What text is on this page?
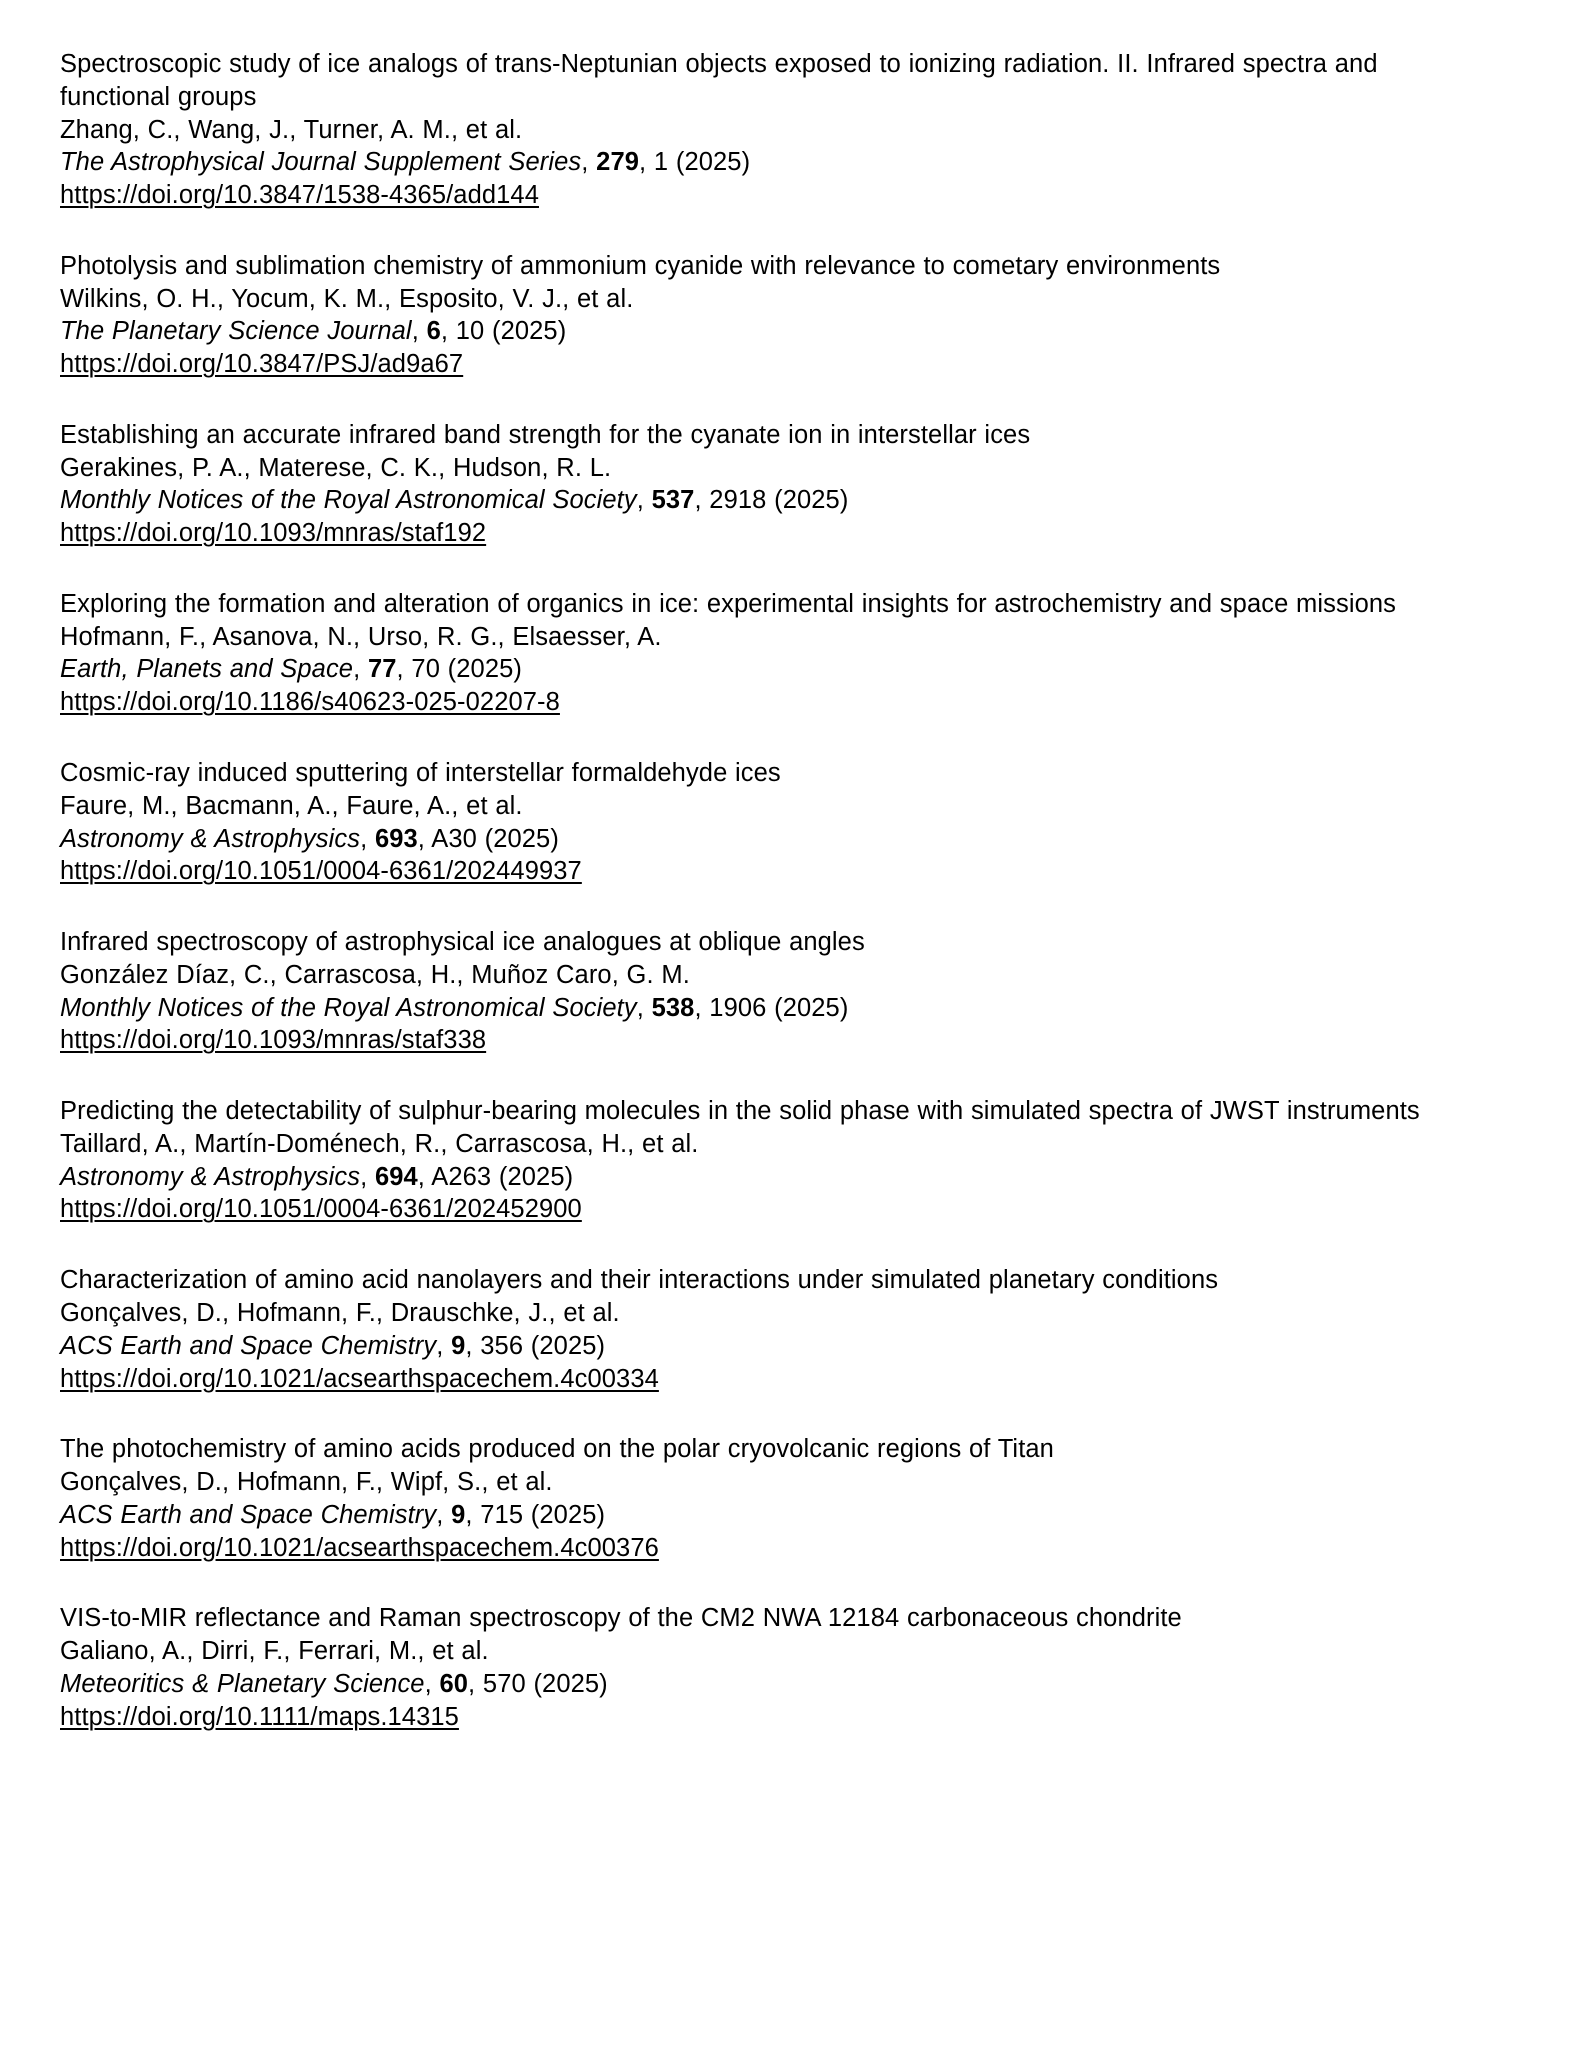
Spectroscopic study of ice analogs of trans-Neptunian objects exposed to ionizing radiation. II. Infrared spectra and functional groups
Zhang, C., Wang, J., Turner, A. M., et al.
The Astrophysical Journal Supplement Series, 279, 1 (2025)
https://doi.org/10.3847/1538-4365/add144
Photolysis and sublimation chemistry of ammonium cyanide with relevance to cometary environments
Wilkins, O. H., Yocum, K. M., Esposito, V. J., et al.
The Planetary Science Journal, 6, 10 (2025)
https://doi.org/10.3847/PSJ/ad9a67
Establishing an accurate infrared band strength for the cyanate ion in interstellar ices
Gerakines, P. A., Materese, C. K., Hudson, R. L.
Monthly Notices of the Royal Astronomical Society, 537, 2918 (2025)
https://doi.org/10.1093/mnras/staf192
Exploring the formation and alteration of organics in ice: experimental insights for astrochemistry and space missions
Hofmann, F., Asanova, N., Urso, R. G., Elsaesser, A.
Earth, Planets and Space, 77, 70 (2025)
https://doi.org/10.1186/s40623-025-02207-8
Cosmic-ray induced sputtering of interstellar formaldehyde ices
Faure, M., Bacmann, A., Faure, A., et al.
Astronomy & Astrophysics, 693, A30 (2025)
https://doi.org/10.1051/0004-6361/202449937
Infrared spectroscopy of astrophysical ice analogues at oblique angles
González Díaz, C., Carrascosa, H., Muñoz Caro, G. M.
Monthly Notices of the Royal Astronomical Society, 538, 1906 (2025)
https://doi.org/10.1093/mnras/staf338
Predicting the detectability of sulphur-bearing molecules in the solid phase with simulated spectra of JWST instruments
Taillard, A., Martín-Doménech, R., Carrascosa, H., et al.
Astronomy & Astrophysics, 694, A263 (2025)
https://doi.org/10.1051/0004-6361/202452900
Characterization of amino acid nanolayers and their interactions under simulated planetary conditions
Gonçalves, D., Hofmann, F., Drauschke, J., et al.
ACS Earth and Space Chemistry, 9, 356 (2025)
https://doi.org/10.1021/acsearthspacechem.4c00334
The photochemistry of amino acids produced on the polar cryovolcanic regions of Titan
Gonçalves, D., Hofmann, F., Wipf, S., et al.
ACS Earth and Space Chemistry, 9, 715 (2025)
https://doi.org/10.1021/acsearthspacechem.4c00376
VIS-to-MIR reflectance and Raman spectroscopy of the CM2 NWA 12184 carbonaceous chondrite
Galiano, A., Dirri, F., Ferrari, M., et al.
Meteoritics & Planetary Science, 60, 570 (2025)
https://doi.org/10.1111/maps.14315
